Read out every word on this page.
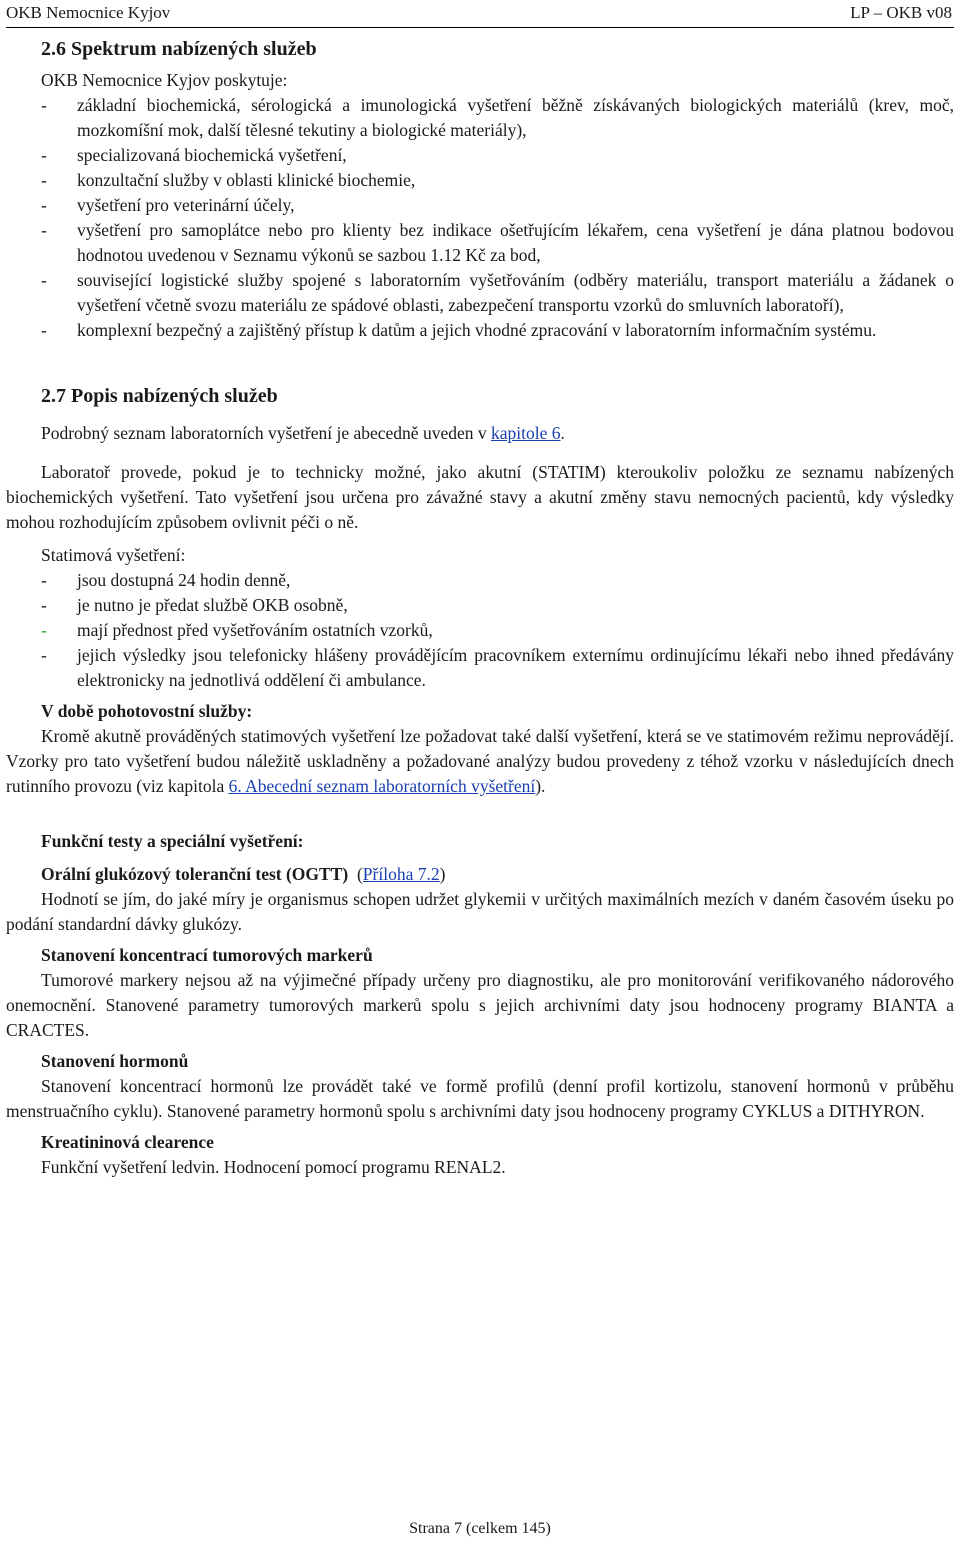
OKB Nemocnice Kyjov	LP – OKB v08
2.6 Spektrum nabízených služeb

OKB Nemocnice Kyjov poskytuje:

- základní biochemická, sérologická a imunologická vyšetření běžně získávaných biologických materiálů (krev, moč, mozkomíšní mok, další tělesné tekutiny a biologické materiály),
- specializovaná biochemická vyšetření,
- konzultační služby v oblasti klinické biochemie,
- vyšetření pro veterinární účely,
- vyšetření pro samoplátce nebo pro klienty bez indikace ošetřujícím lékařem, cena vyšetření je dána platnou bodovou hodnotou uvedenou v Seznamu výkonů se sazbou 1.12 Kč za bod,
- související logistické služby spojené s laboratorním vyšetřováním (odběry materiálu, transport materiálu a žádanek o vyšetření včetně svozu materiálu ze spádové oblasti, zabezpečení transportu vzorků do smluvních laboratoří),
- komplexní bezpečný a zajištěný přístup k datům a jejich vhodné zpracování v laboratorním informačním systému.
2.7 Popis nabízených služeb

Podrobný seznam laboratorních vyšetření je abecedně uveden v kapitole 6.

Laboratoř provede, pokud je to technicky možné, jako akutní (STATIM) kteroukoliv položku ze seznamu nabízených biochemických vyšetření. Tato vyšetření jsou určena pro závažné stavy a akutní změny stavu nemocných pacientů, kdy výsledky mohou rozhodujícím způsobem ovlivnit péči o ně.

Statimová vyšetření:

- jsou dostupná 24 hodin denně,
- je nutno je předat službě OKB osobně,
- mají přednost před vyšetřováním ostatních vzorků,
- jejich výsledky jsou telefonicky hlášeny provádějícím pracovníkem externímu ordinujícímu lékaři nebo ihned předávány elektronicky na jednotlivá oddělení či ambulance.

V době pohotovostní služby:

Kromě akutně prováděných statimových vyšetření lze požadovat také další vyšetření, která se ve statimovém režimu neprovádějí. Vzorky pro tato vyšetření budou náležitě uskladněny a požadované analýzy budou provedeny z téhož vzorku v následujících dnech rutinního provozu (viz kapitola 6. Abecední seznam laboratorních vyšetření).

Funkční testy a speciální vyšetření:

Orální glukózový toleranční test (OGTT) (Příloha 7.2)

Hodnotí se jím, do jaké míry je organismus schopen udržet glykemii v určitých maximálních mezích v daném časovém úseku po podání standardní dávky glukózy.

Stanovení koncentrací tumorových markerů

Tumorové markery nejsou až na výjimečné případy určeny pro diagnostiku, ale pro monitorování verifikovaného nádorového onemocnění. Stanovené parametry tumorových markerů spolu s jejich archivními daty jsou hodnoceny programy BIANTA a CRACTES.

Stanovení hormonů

Stanovení koncentrací hormonů lze provádět také ve formě profilů (denní profil kortizolu, stanovení hormonů v průběhu menstruačního cyklu). Stanovené parametry hormonů spolu s archivními daty jsou hodnoceny programy CYKLUS a DITHYRON.

Kreatininová clearence

Funkční vyšetření ledvin. Hodnocení pomocí programu RENAL2.

Strana 7 (celkem 145)
